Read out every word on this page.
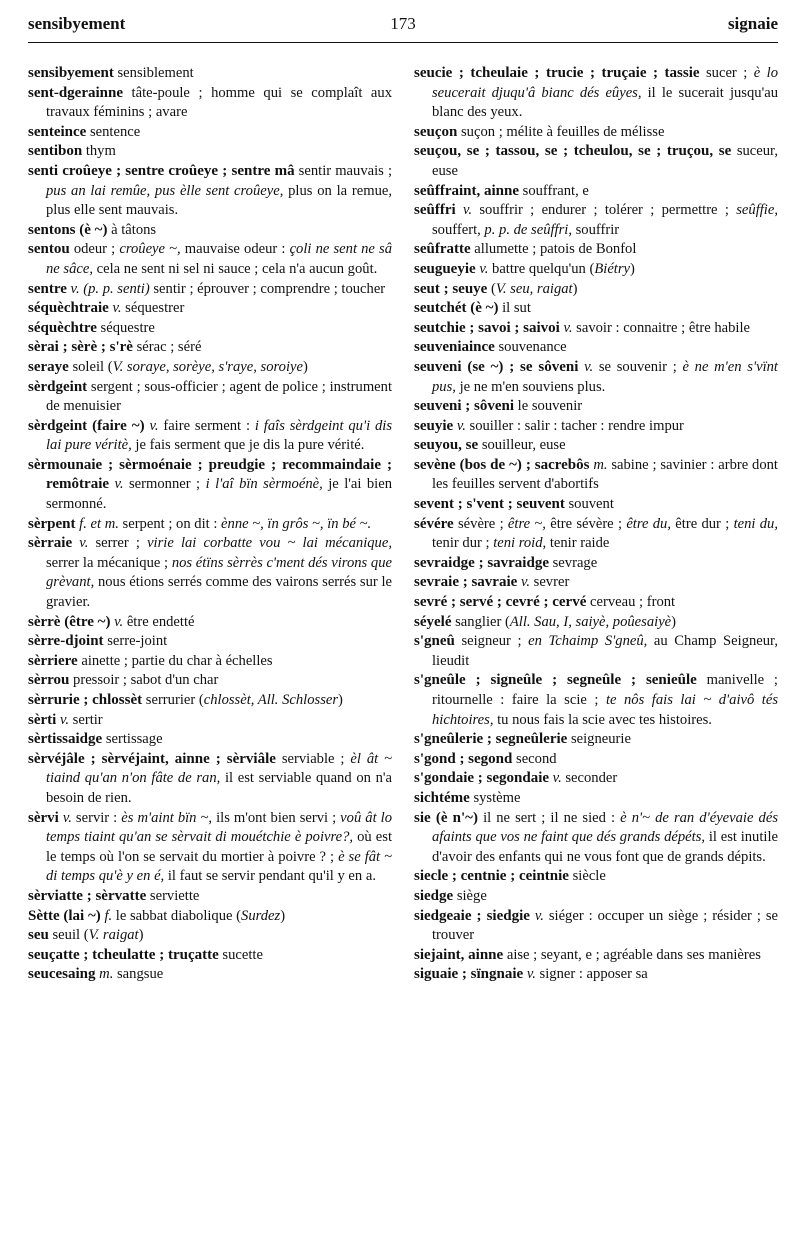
sensibyement	173	signaie
sensibyement sensiblement
sent-dgerainne tâte-poule ; homme qui se complaît aux travaux féminins ; avare
senteince sentence
sentibon thym
senti croûeye ; sentre croûeye ; sentre mâ sentir mauvais ; pus an lai remûe, pus èlle sent croûeye, plus on la remue, plus elle sent mauvais.
sentons (è ~) à tâtons
sentou odeur ; croûeye ~, mauvaise odeur : çoli ne sent ne sâ ne sâce, cela ne sent ni sel ni sauce ; cela n'a aucun goût.
sentre v. (p. p. senti) sentir ; éprouver ; comprendre ; toucher
séquèchtraie v. séquestrer
séquèchtre séquestre
sèrai ; sèrè ; s'rè sérac ; séré
seraye soleil (V. soraye, sorèye, s'raye, soroiye)
sèrdgeint sergent ; sous-officier ; agent de police ; instrument de menuisier
sèrdgeint (faire ~) v. faire serment : i faîs sèrdgeint qu'i dis lai pure véritè, je fais serment que je dis la pure vérité.
sèrmounaie ; sèrmoénaie ; preudgie ; recommaindaie ; remôtraie v. sermonner ; i l'aî bïn sèrmoénè, je l'ai bien sermonné.
sèrpent f. et m. serpent ; on dit : ènne ~, ïn grôs ~, ïn bé ~.
sèrraie v. serrer ; virie lai corbatte vou ~ lai mécanique, serrer la mécanique ; nos étïns sèrrès c'ment dés virons que grèvant, nous étions serrés comme des vairons serrés sur le gravier.
sèrrè (être ~) v. être endetté
sèrre-djoint serre-joint
sèrriere ainette ; partie du char à échelles
sèrrou pressoir ; sabot d'un char
sèrrurie ; chlossèt serrurier (chlossèt, All. Schlosser)
sèrti v. sertir
sèrtissaidge sertissage
sèrvéjâle ; sèrvéjaint, ainne ; sèrviâle serviable ; èl ât ~ tiaind qu'an n'on fâte de ran, il est serviable quand on n'a besoin de rien.
sèrvi v. servir : ès m'aint bïn ~, ils m'ont bien servi ; voû ât lo temps tiaint qu'an se sèrvait di mouétchie è poivre?, où est le temps où l'on se servait du mortier à poivre ? ; è se fât ~ di temps qu'è y en é, il faut se servir pendant qu'il y en a.
sèrviatte ; sèrvatte serviette
Sètte (lai ~) f. le sabbat diabolique (Surdez)
seu seuil (V. raigat)
seuçatte ; tcheulatte ; truçatte sucette
seucesaing m. sangsue
seucie ; tcheulaie ; trucie ; truçaie ; tassie sucer ; è lo seucerait djuqu'â bianc dés eûyes, il le sucerait jusqu'au blanc des yeux.
seuçon suçon ; mélite à feuilles de mélisse
seuçou, se ; tassou, se ; tcheulou, se ; truçou, se suceur, euse
seûffraint, ainne souffrant, e
seûffri v. souffrir ; endurer ; tolérer ; permettre ; seûffie, souffert, p. p. de seûffri, souffrir
seûfratte allumette ; patois de Bonfol
seugueyie v. battre quelqu'un (Biétry)
seut ; seuye (V. seu, raigat)
seutchét (è ~) il sut
seutchie ; savoi ; saivoi v. savoir : connaitre ; être habile
seuveniaince souvenance
seuveni (se ~) ; se sôveni v. se souvenir ; è ne m'en s'vïnt pus, je ne m'en souviens plus.
seuveni ; sôveni le souvenir
seuyie v. souiller : salir : tacher : rendre impur
seuyou, se souilleur, euse
sevène (bos de ~) ; sacrebôs m. sabine ; savinier : arbre dont les feuilles servent d'abortifs
sevent ; s'vent ; seuvent souvent
sévére sévère ; être ~, être sévère ; être du, être dur ; teni du, tenir dur ; teni roid, tenir raide
sevraidge ; savraidge sevrage
sevraie ; savraie v. sevrer
sevré ; servé ; cevré ; cervé cerveau ; front
séyelé sanglier (All. Sau, I, saiyè, poûesaiyè)
s'gneû seigneur ; en Tchaimp S'gneû, au Champ Seigneur, lieudit
s'gneûle ; signeûle ; segneûle ; senieûle manivelle ; ritournelle : faire la scie ; te nôs fais lai ~ d'aivô tés hichtoires, tu nous fais la scie avec tes histoires.
s'gneûlerie ; segneûlerie seigneurie
s'gond ; segond second
s'gondaie ; segondaie v. seconder
sichtéme système
sie (è n'~) il ne sert ; il ne sied : è n'~ de ran d'éyevaie dés afaints que vos ne faint que dés grands dépéts, il est inutile d'avoir des enfants qui ne vous font que de grands dépits.
siecle ; centnie ; ceintnie siècle
siedge siège
siedgeaie ; siedgie v. siéger : occuper un siège ; résider ; se trouver
siejaint, ainne aise ; seyant, e ; agréable dans ses manières
siguaie ; sïngnaie v. signer : apposer sa
